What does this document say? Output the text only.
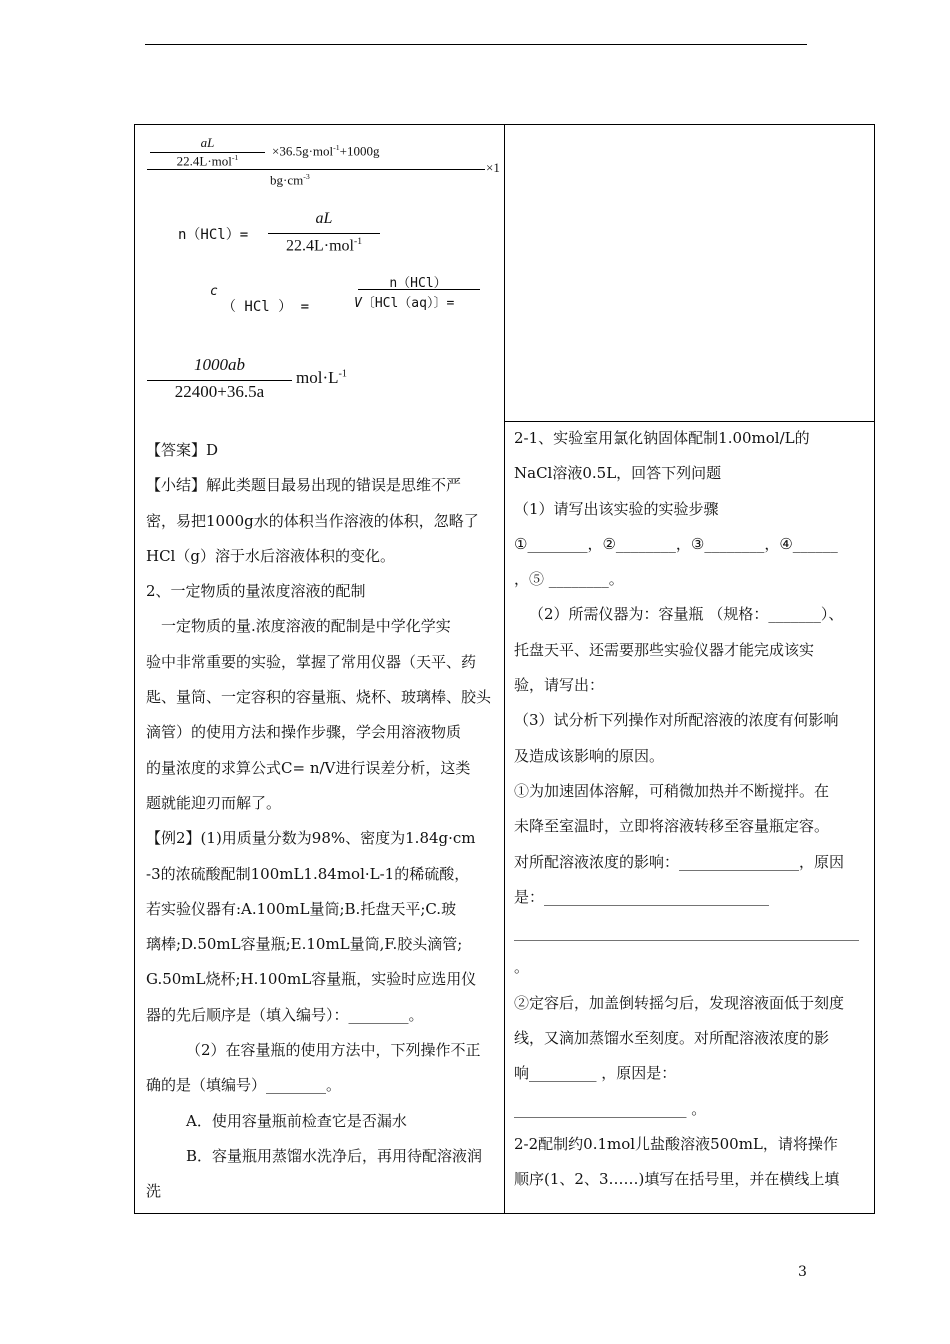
aL
22.4L·mol$^{-1}$	×36.5g·mol$^{-1}$+1000g
$bg\cdot cm^{-3}$
×1
n（HCl）=
aL
22.4L·mol$^{-1}$
c
（ HCl ） =
n（HCl）
V〔HCl（aq）〕=
1000ab
22400+36.5a
$mol\cdot L^{-1}$

【答案】D

【小结】解此类题目最易出现的错误是思维不严

密，易把1000g水的体积当作溶液的体积，忽略了

HCl（g）溶于水后溶液体积的变化。

2、一定物质的量浓度溶液的配制

一定物质的量.浓度溶液的配制是中学化学实

验中非常重要的实验，掌握了常用仪器（天平、药

匙、量筒、一定容积的容量瓶、烧杯、玻璃棒、胶头

滴管）的使用方法和操作步骤，学会用溶液物质

的量浓度的求算公式C= n/V进行误差分析，这类

题就能迎刃而解了。

【例2】(1)用质量分数为98%、密度为1.84g·cm

-3的浓硫酸配制100mL1.84mol·L-1的稀硫酸，

若实验仪器有:A.100mL量筒;B.托盘天平;C.玻

璃棒;D.50mL容量瓶;E.10mL量筒,F.胶头滴管;

G.50mL烧杯;H.100mL容量瓶，实验时应选用仪

器的先后顺序是（填入编号）：________。

（2）在容量瓶的使用方法中，下列操作不正

确的是（填编号）________。

A．使用容量瓶前检查它是否漏水

B．容量瓶用蒸馏水洗净后，再用待配溶液润

洗

2-1、实验室用氯化钠固体配制1.00mol/L的

NaCl溶液0.5L，回答下列问题

（1）请写出该实验的实验步骤

①________，②________，③________，④______

，⑤ ________。

（2）所需仪器为：容量瓶 （规格：_______）、

托盘天平、还需要那些实验仪器才能完成该实

验，请写出：

（3）试分析下列操作对所配溶液的浓度有何影响

及造成该影响的原因。

①为加速固体溶解，可稍微加热并不断搅拌。在

未降至室温时，立即将溶液转移至容量瓶定容。

对所配溶液浓度的影响：________________，原因

是：______________________________

______________________________________________

。

②定容后，加盖倒转摇匀后，发现溶液面低于刻度

线，又滴加蒸馏水至刻度。对所配溶液浓度的影

响_________ ，原因是：

_______________________ 。

2-2配制约0.1mol儿盐酸溶液500mL，请将操作

顺序(1、2、3……)填写在括号里，并在横线上填

3
